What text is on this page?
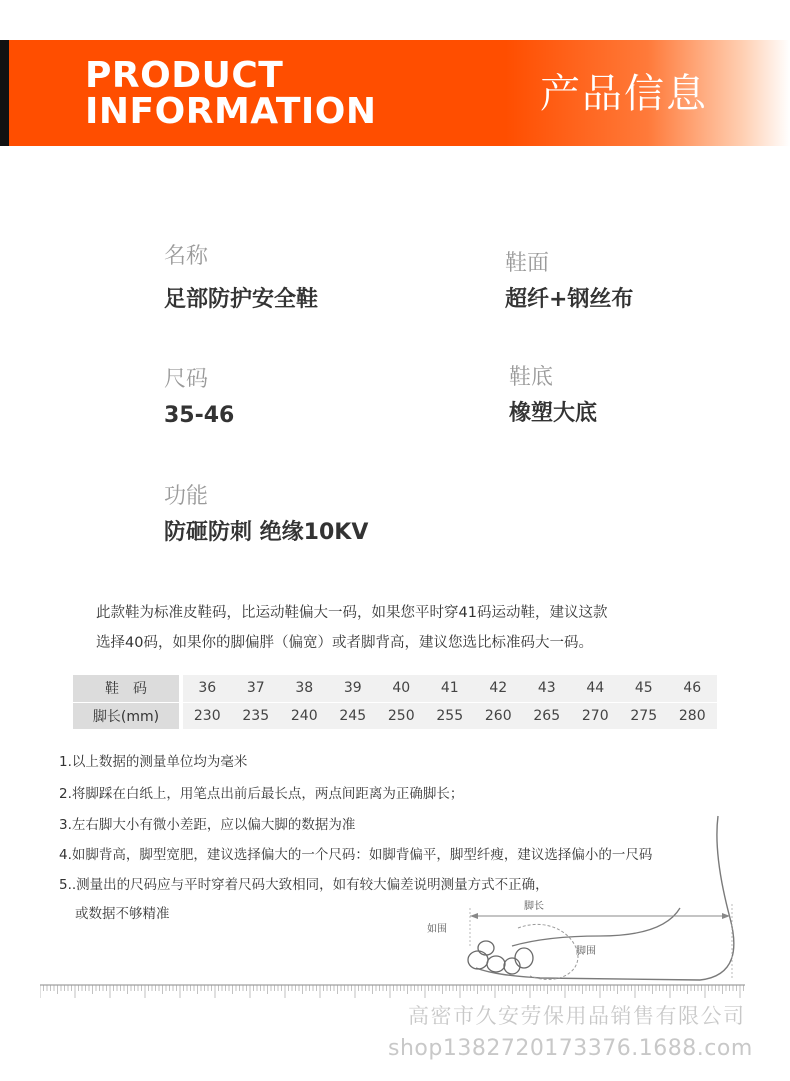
PRODUCT
INFORMATION	产品信息
名称
足部防护安全鞋
鞋面
超纤+钢丝布
尺码
35-46
鞋底
橡塑大底
功能
防砸防刺 绝缘10KV
此款鞋为标准皮鞋码，比运动鞋偏大一码，如果您平时穿41码运动鞋，建议这款
选择40码，如果你的脚偏胖（偏宽）或者脚背高，建议您选比标准码大一码。
鞋　码		36	37	38	39	40	41	42	43	44	45	46
脚长(mm)		230	235	240	245	250	255	260	265	270	275	280
脚长
如围
脚围
1.以上数据的测量单位均为毫米
2.将脚踩在白纸上，用笔点出前后最长点，两点间距离为正确脚长；
3.左右脚大小有微小差距，应以偏大脚的数据为准
4.如脚背高，脚型宽肥，建议选择偏大的一个尺码：如脚背偏平，脚型纤瘦，建议选择偏小的一尺码
5..测量出的尺码应与平时穿着尺码大致相同，如有较大偏差说明测量方式不正确，
或数据不够精准
高密市久安劳保用品销售有限公司
shop1382720173376.1688.com
